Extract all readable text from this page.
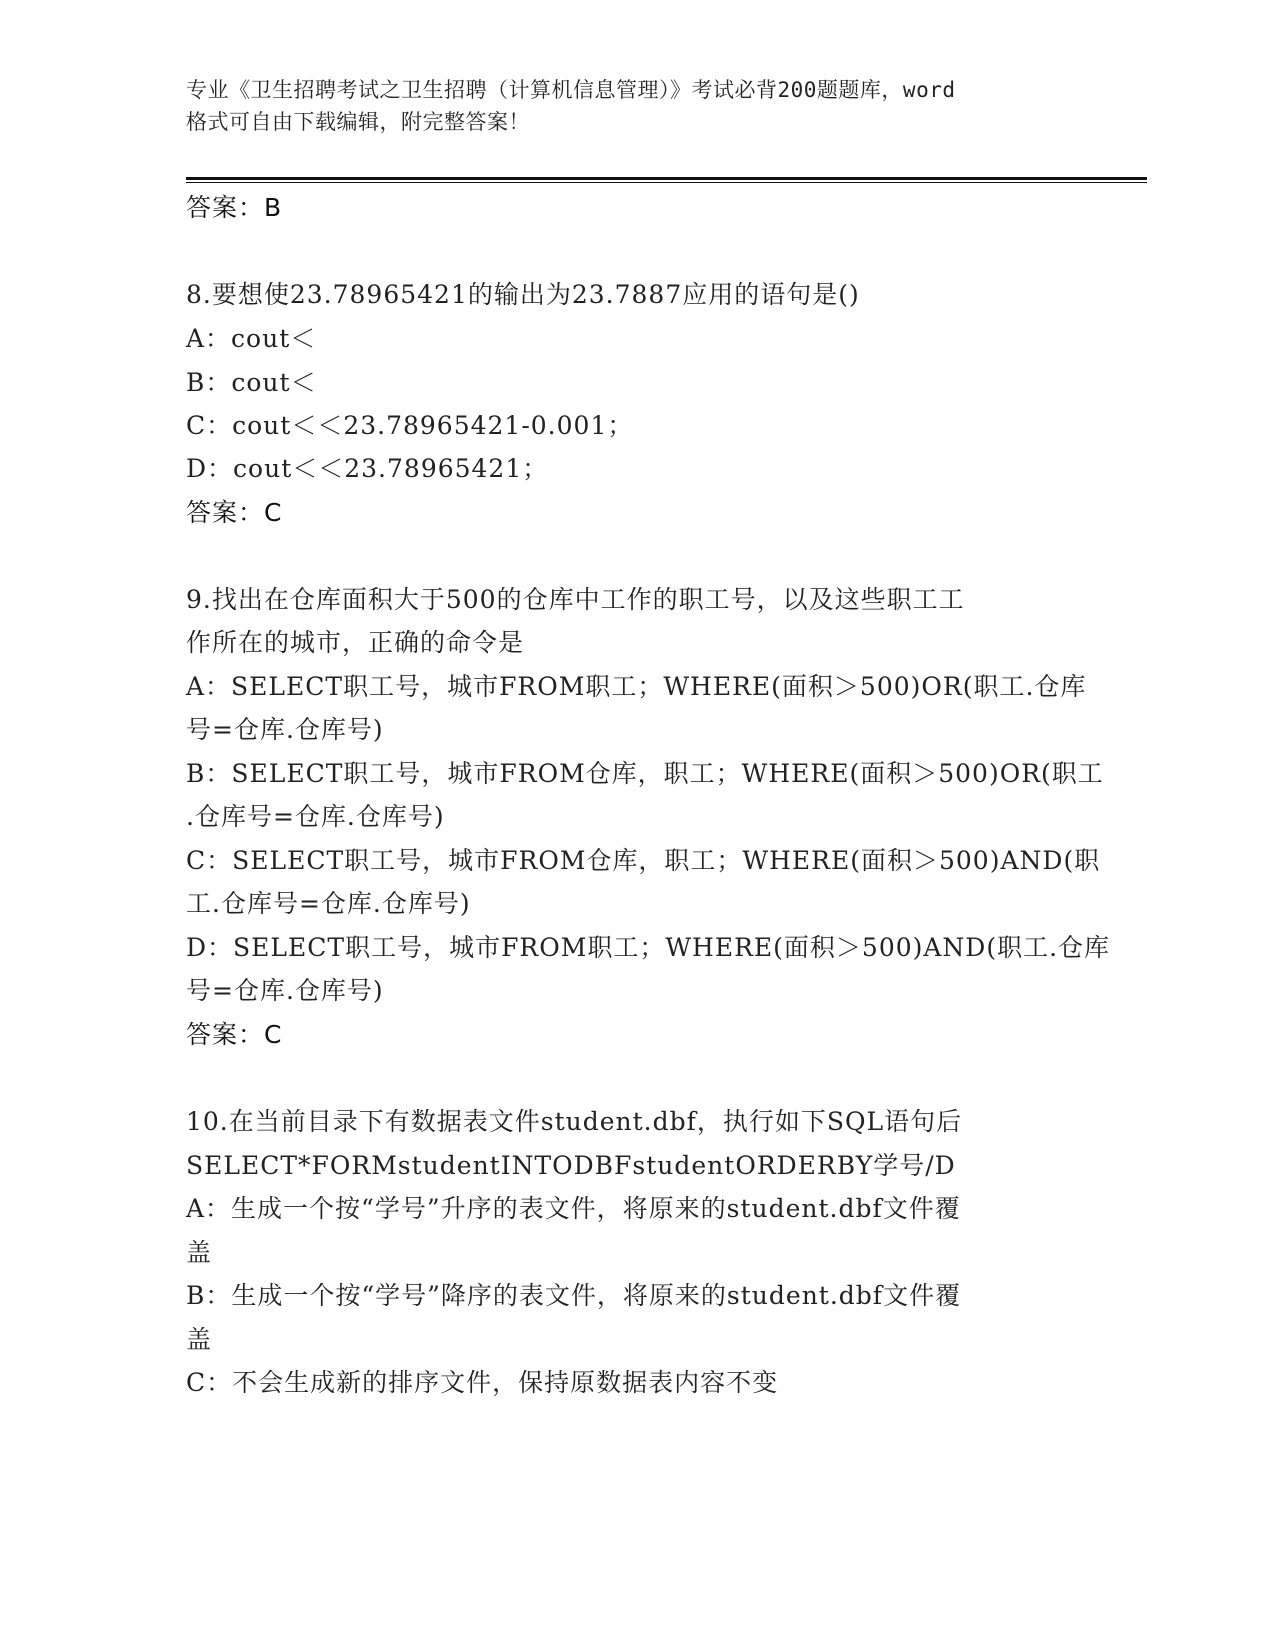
专业《卫生招聘考试之卫生招聘（计算机信息管理）》考试必背200题题库，word
格式可自由下载编辑，附完整答案！
答案：B
8.要想使23.78965421的输出为23.7887应用的语句是()
A：cout＜
B：cout＜
C：cout＜＜23.78965421-0.001；
D：cout＜＜23.78965421；
答案：C
9.找出在仓库面积大于500的仓库中工作的职工号，以及这些职工工
作所在的城市，正确的命令是
A：SELECT职工号，城市FROM职工；WHERE(面积＞500)OR(职工.仓库
号=仓库.仓库号)
B：SELECT职工号，城市FROM仓库，职工；WHERE(面积＞500)OR(职工
.仓库号=仓库.仓库号)
C：SELECT职工号，城市FROM仓库，职工；WHERE(面积＞500)AND(职
工.仓库号=仓库.仓库号)
D：SELECT职工号，城市FROM职工；WHERE(面积＞500)AND(职工.仓库
号=仓库.仓库号)
答案：C
10.在当前目录下有数据表文件student.dbf，执行如下SQL语句后
SELECT*FORMstudentINTODBFstudentORDERBY学号/D
A：生成一个按“学号”升序的表文件，将原来的student.dbf文件覆
盖
B：生成一个按“学号”降序的表文件，将原来的student.dbf文件覆
盖
C：不会生成新的排序文件，保持原数据表内容不变
